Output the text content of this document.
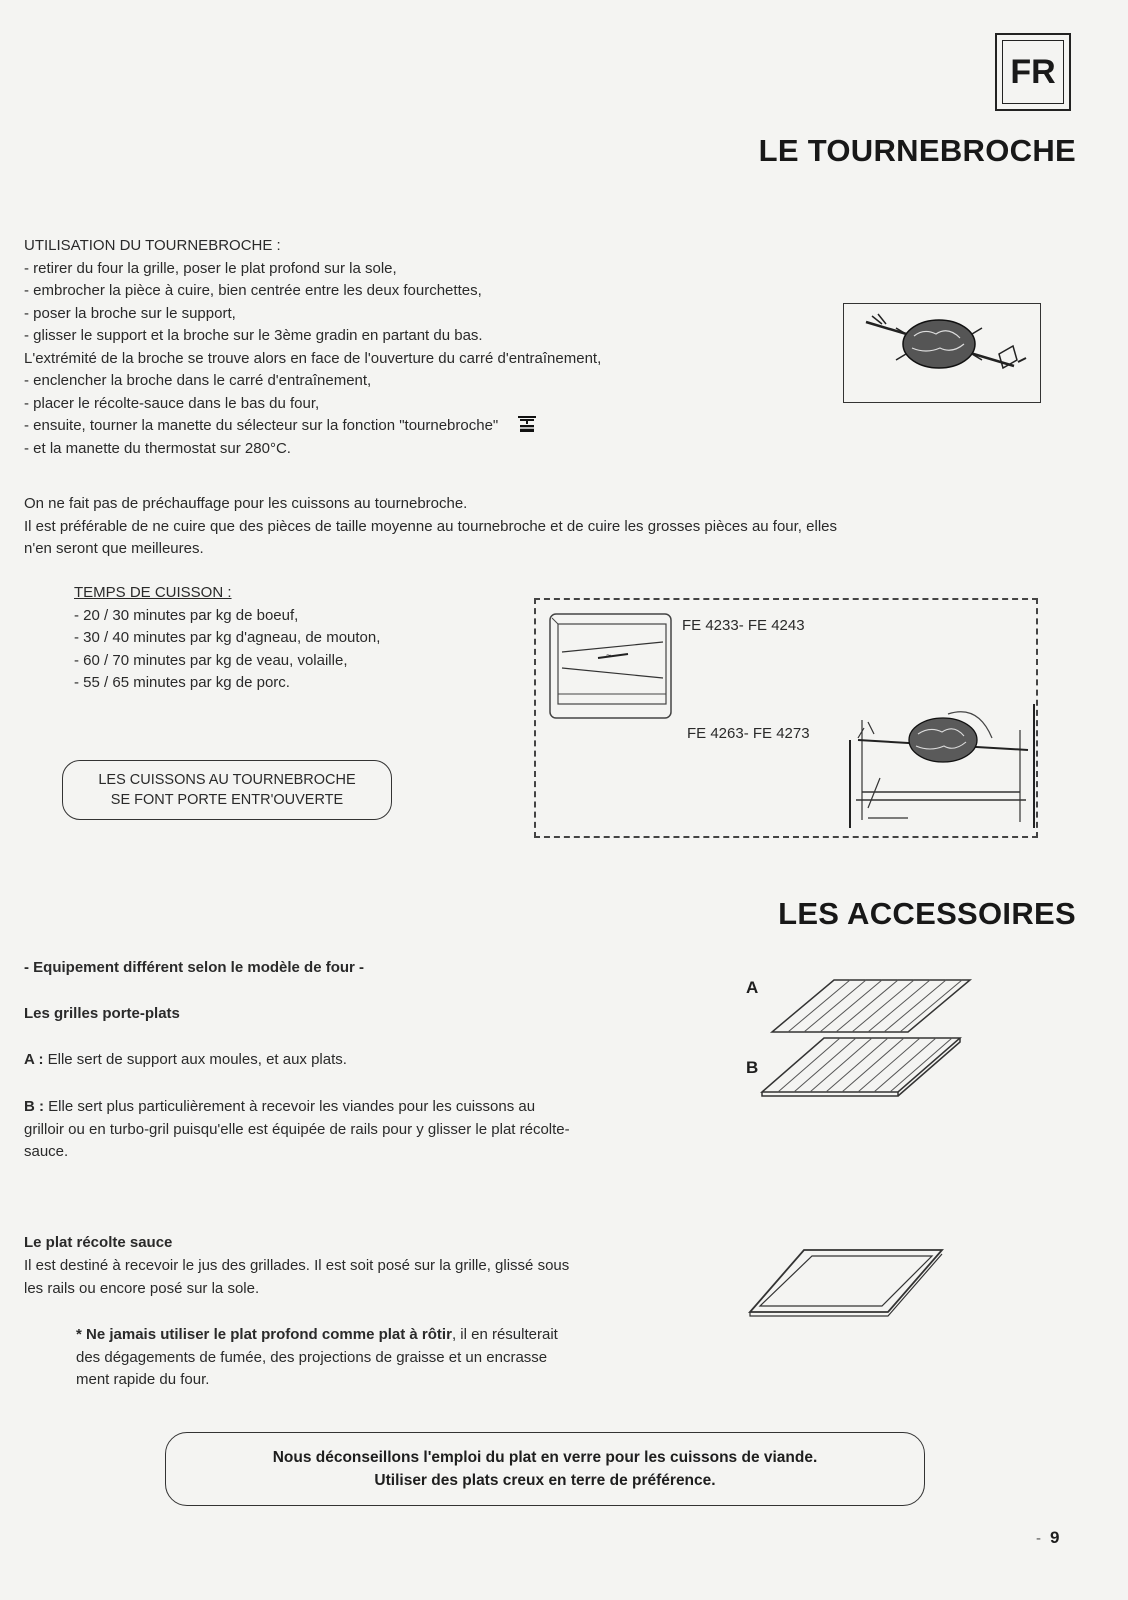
FR
LE TOURNEBROCHE

UTILISATION DU TOURNEBROCHE :

- retirer du four la grille, poser le plat profond sur la sole,

- embrocher la pièce à cuire, bien centrée entre les deux fourchettes,

- poser la broche sur le support,

- glisser le support et la broche sur le 3ème gradin en partant du bas.

L'extrémité de la broche se trouve alors en face de l'ouverture du carré d'entraînement,

- enclencher la broche dans le carré d'entraînement,

- placer le récolte-sauce dans le bas du four,

- ensuite, tourner la manette du sélecteur sur la fonction "tournebroche"

- et la manette du thermostat sur 280°C.

On ne fait pas de préchauffage pour les cuissons au tournebroche.

Il est préférable de ne cuire que des pièces de taille moyenne au tournebroche et de cuire les grosses pièces au four, elles

n'en seront que meilleures.

TEMPS DE CUISSON :

- 20 / 30 minutes par kg de boeuf,

- 30 / 40 minutes par kg d'agneau, de mouton,

- 60 / 70 minutes par kg de veau, volaille,

- 55 / 65 minutes par kg de porc.

LES CUISSONS AU TOURNEBROCHE
SE FONT PORTE ENTR'OUVERTE
~
FE 4233- FE 4243
FE 4263- FE 4273
LES ACCESSOIRES
- Equipement différent selon le modèle de four -
Les grilles porte-plats
A : Elle sert de support aux moules, et aux plats.

B : Elle sert plus particulièrement à recevoir les viandes pour les cuissons au

grilloir ou en turbo-gril puisqu'elle est équipée de rails pour y glisser le plat récolte-

sauce.

A
B
Le plat récolte sauce

Il est destiné à recevoir le jus des grillades. Il est soit posé sur la grille, glissé sous

les rails ou encore posé sur la sole.

* Ne jamais utiliser le plat profond comme plat à rôtir, il en résulterait

des dégagements de fumée, des projections de graisse et un encrasse

ment rapide du four.

Nous déconseillons l'emploi du plat en verre pour les cuissons de viande.
Utiliser des plats creux en terre de préférence.
- 9
